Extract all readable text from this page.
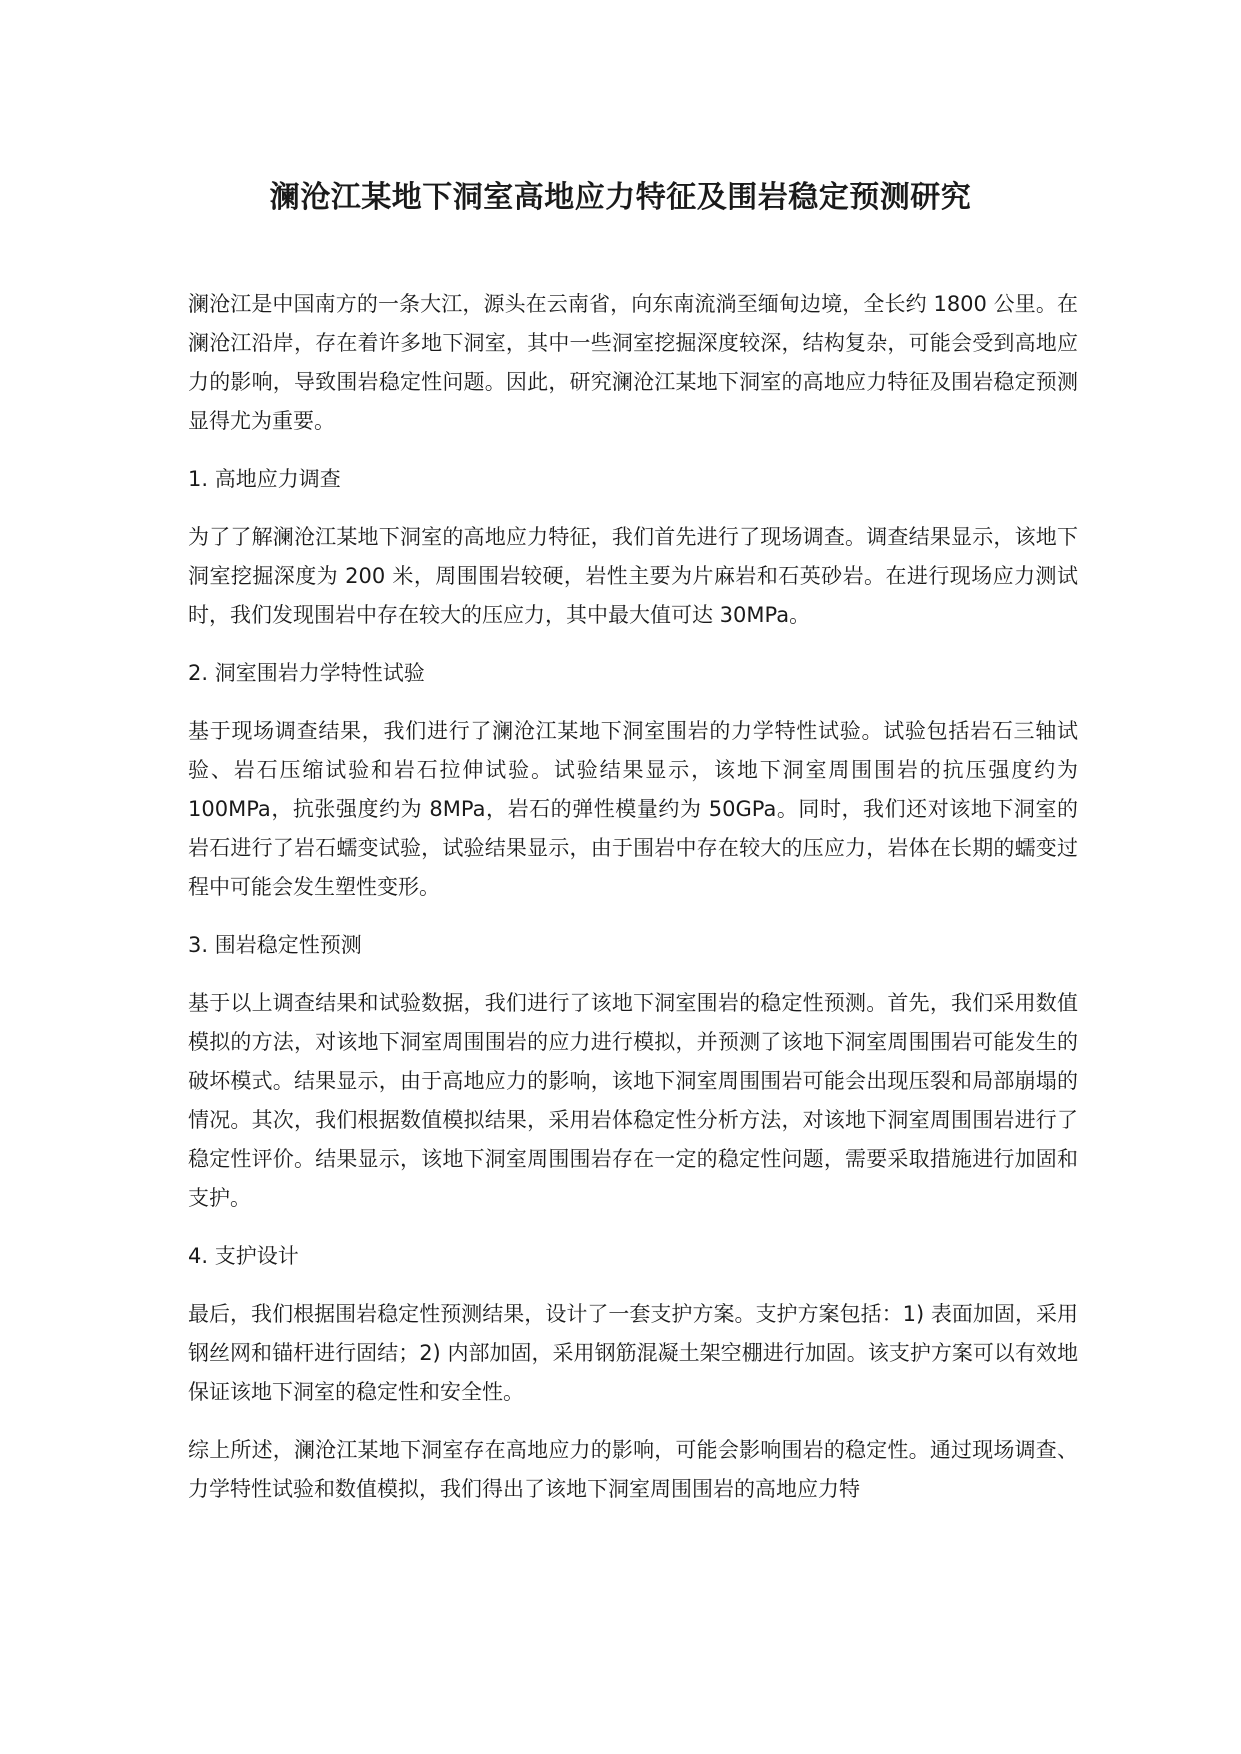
澜沧江某地下洞室高地应力特征及围岩稳定预测研究

澜沧江是中国南方的一条大江，源头在云南省，向东南流淌至缅甸边境，全长约 1800 公里。在澜沧江沿岸，存在着许多地下洞室，其中一些洞室挖掘深度较深，结构复杂，可能会受到高地应力的影响，导致围岩稳定性问题。因此，研究澜沧江某地下洞室的高地应力特征及围岩稳定预测显得尤为重要。

1. 高地应力调查

为了了解澜沧江某地下洞室的高地应力特征，我们首先进行了现场调查。调查结果显示，该地下洞室挖掘深度为 200 米，周围围岩较硬，岩性主要为片麻岩和石英砂岩。在进行现场应力测试时，我们发现围岩中存在较大的压应力，其中最大值可达 30MPa。

2. 洞室围岩力学特性试验

基于现场调查结果，我们进行了澜沧江某地下洞室围岩的力学特性试验。试验包括岩石三轴试验、岩石压缩试验和岩石拉伸试验。试验结果显示，该地下洞室周围围岩的抗压强度约为 100MPa，抗张强度约为 8MPa，岩石的弹性模量约为 50GPa。同时，我们还对该地下洞室的岩石进行了岩石蠕变试验，试验结果显示，由于围岩中存在较大的压应力，岩体在长期的蠕变过程中可能会发生塑性变形。

3. 围岩稳定性预测

基于以上调查结果和试验数据，我们进行了该地下洞室围岩的稳定性预测。首先，我们采用数值模拟的方法，对该地下洞室周围围岩的应力进行模拟，并预测了该地下洞室周围围岩可能发生的破坏模式。结果显示，由于高地应力的影响，该地下洞室周围围岩可能会出现压裂和局部崩塌的情况。其次，我们根据数值模拟结果，采用岩体稳定性分析方法，对该地下洞室周围围岩进行了稳定性评价。结果显示，该地下洞室周围围岩存在一定的稳定性问题，需要采取措施进行加固和支护。

4. 支护设计

最后，我们根据围岩稳定性预测结果，设计了一套支护方案。支护方案包括：1) 表面加固，采用钢丝网和锚杆进行固结；2) 内部加固，采用钢筋混凝土架空棚进行加固。该支护方案可以有效地保证该地下洞室的稳定性和安全性。

综上所述，澜沧江某地下洞室存在高地应力的影响，可能会影响围岩的稳定性。通过现场调查、力学特性试验和数值模拟，我们得出了该地下洞室周围围岩的高地应力特
